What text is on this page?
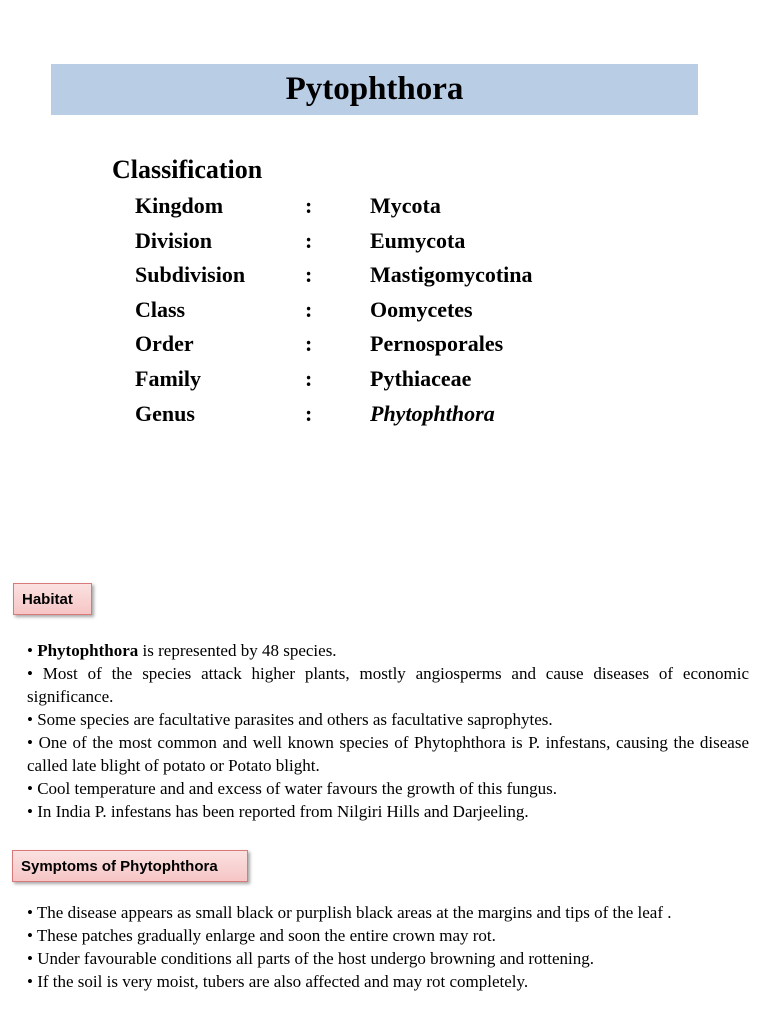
Pytophthora
Classification
Kingdom	:	Mycota
Division	:	Eumycota
Subdivision	:	Mastigomycotina
Class	:	Oomycetes
Order	:	Pernosporales
Family	:	Pythiaceae
Genus	:	Phytophthora
Habitat

• Phytophthora is represented by 48 species.

• Most of the species attack higher plants, mostly angiosperms and cause diseases of economic significance.

• Some species are facultative parasites and others as facultative saprophytes.

• One of the most common and well known species of Phytophthora is P. infestans, causing the disease called late blight of potato or Potato blight.

• Cool temperature and and excess of water favours the growth of this fungus.

• In India P. infestans has been reported from Nilgiri Hills and Darjeeling.

Symptoms of Phytophthora

• The disease appears as small black or purplish black areas at the margins and tips of the leaf .

• These patches gradually enlarge and soon the entire crown may rot.

• Under favourable conditions all parts of the host undergo browning and rottening.

• If the soil is very moist, tubers are also affected and may rot completely.
